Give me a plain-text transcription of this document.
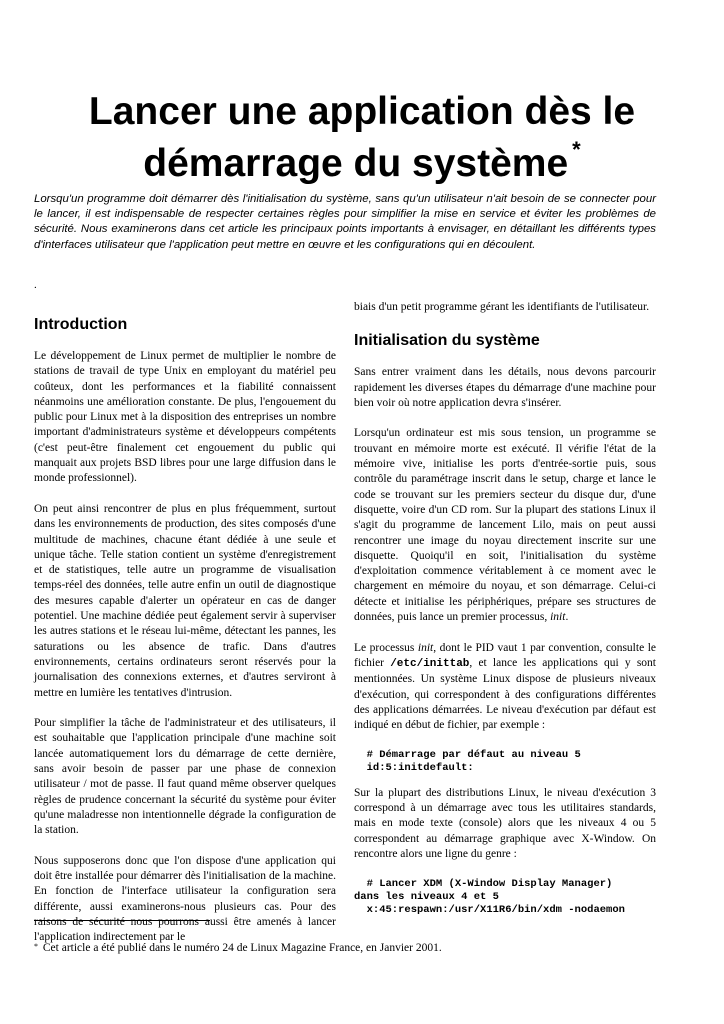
Lancer une application dès le démarrage du système *

Lorsqu'un programme doit démarrer dès l'initialisation du système, sans qu'un utilisateur n'ait besoin de se connecter pour le lancer, il est indispensable de respecter certaines règles pour simplifier la mise en service et éviter les problèmes de sécurité. Nous examinerons dans cet article les principaux points importants à envisager, en détaillant les différents types d'interfaces utilisateur que l'application peut mettre en œuvre et les configurations qui en découlent.

.
Introduction

Le développement de Linux permet de multiplier le nombre de stations de travail de type Unix en employant du matériel peu coûteux, dont les performances et la fiabilité connaissent néanmoins une amélioration constante. De plus, l'engouement du public pour Linux met à la disposition des entreprises un nombre important d'administrateurs système et développeurs compétents (c'est peut-être finalement cet engouement du public qui manquait aux projets BSD libres pour une large diffusion dans le monde professionnel).

On peut ainsi rencontrer de plus en plus fréquemment, surtout dans les environnements de production, des sites composés d'une multitude de machines, chacune étant dédiée à une seule et unique tâche. Telle station contient un système d'enregistrement et de statistiques, telle autre un programme de visualisation temps-réel des données, telle autre enfin un outil de diagnostique des mesures capable d'alerter un opérateur en cas de danger potentiel. Une machine dédiée peut également servir à superviser les autres stations et le réseau lui-même, détectant les pannes, les saturations ou les absence de trafic. Dans d'autres environnements, certains ordinateurs seront réservés pour la journalisation des connexions externes, et d'autres serviront à mettre en lumière les tentatives d'intrusion.

Pour simplifier la tâche de l'administrateur et des utilisateurs, il est souhaitable que l'application principale d'une machine soit lancée automatiquement lors du démarrage de cette dernière, sans avoir besoin de passer par une phase de connexion utilisateur / mot de passe. Il faut quand même observer quelques règles de prudence concernant la sécurité du système pour éviter qu'une maladresse non intentionnelle dégrade la configuration de la station.

Nous supposerons donc que l'on dispose d'une application qui doit être installée pour démarrer dès l'initialisation de la machine. En fonction de l'interface utilisateur la configuration sera différente, aussi examinerons-nous plusieurs cas. Pour des raisons de sécurité nous pourrons aussi être amenés à lancer l'application indirectement par le

biais d'un petit programme gérant les identifiants de l'utilisateur.

Initialisation du système

Sans entrer vraiment dans les détails, nous devons parcourir rapidement les diverses étapes du démarrage d'une machine pour bien voir où notre application devra s'insérer.

Lorsqu'un ordinateur est mis sous tension, un programme se trouvant en mémoire morte est exécuté. Il vérifie l'état de la mémoire vive, initialise les ports d'entrée-sortie puis, sous contrôle du paramétrage inscrit dans le setup, charge et lance le code se trouvant sur les premiers secteur du disque dur, d'une disquette, voire d'un CD rom. Sur la plupart des stations Linux il s'agit du programme de lancement Lilo, mais on peut aussi rencontrer une image du noyau directement inscrite sur une disquette. Quoiqu'il en soit, l'initialisation du système d'exploitation commence véritablement à ce moment avec le chargement en mémoire du noyau, et son démarrage. Celui-ci détecte et initialise les périphériques, prépare ses structures de données, puis lance un premier processus, init.

Le processus init, dont le PID vaut 1 par convention, consulte le fichier /etc/inittab, et lance les applications qui y sont mentionnées. Un système Linux dispose de plusieurs niveaux d'exécution, qui correspondent à des configurations différentes des applications démarrées. Le niveau d'exécution par défaut est indiqué en début de fichier, par exemple :

# Démarrage par défaut au niveau 5
id:5:initdefault:

Sur la plupart des distributions Linux, le niveau d'exécution 3 correspond à un démarrage avec tous les utilitaires standards, mais en mode texte (console) alors que les niveaux 4 ou 5 correspondent au démarrage graphique avec X-Window. On rencontre alors une ligne du genre :

# Lancer XDM (X-Window Display Manager)
dans les niveaux 4 et 5
x:45:respawn:/usr/X11R6/bin/xdm -nodaemon

* Cet article a été publié dans le numéro 24 de Linux Magazine France, en Janvier 2001.
